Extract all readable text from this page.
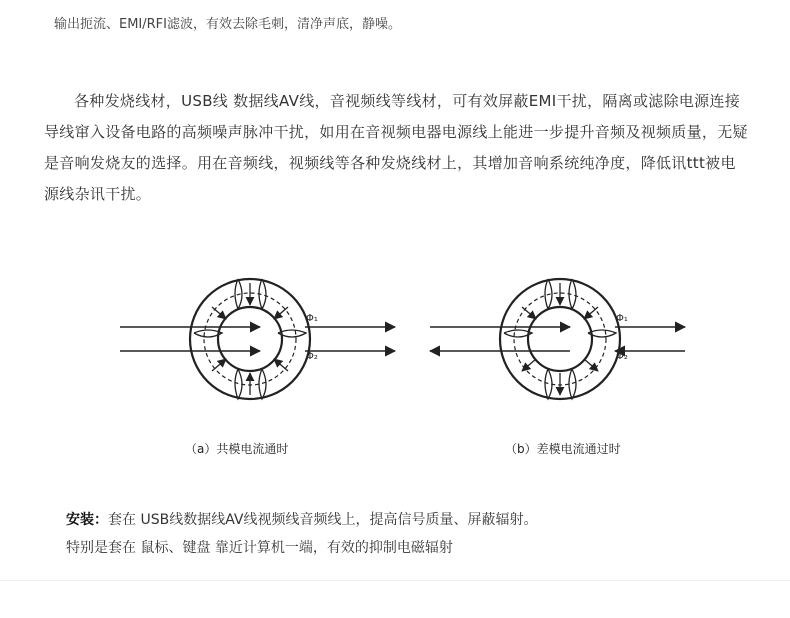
输出扼流、EMI/RFI滤波，有效去除毛刺，清净声底，静噪。
各种发烧线材，USB线 数据线AV线，音视频线等线材，可有效屏蔽EMI干扰，隔离或滤除电源连接导线窜入设备电路的高频噪声脉冲干扰，如用在音视频电器电源线上能进一步提升音频及视频质量，无疑是音响发烧友的选择。用在音频线，视频线等各种发烧线材上，其增加音响系统纯净度，降低讯ttt被电源线杂讯干扰。
Φ₁
Φ₂
Φ₁
Φ₂
（a）共模电流通时	（b）差模电流通过时
安装：套在 USB线数据线AV线视频线音频线上，提高信号质量、屏蔽辐射。
特别是套在 鼠标、键盘 靠近计算机一端，有效的抑制电磁辐射
